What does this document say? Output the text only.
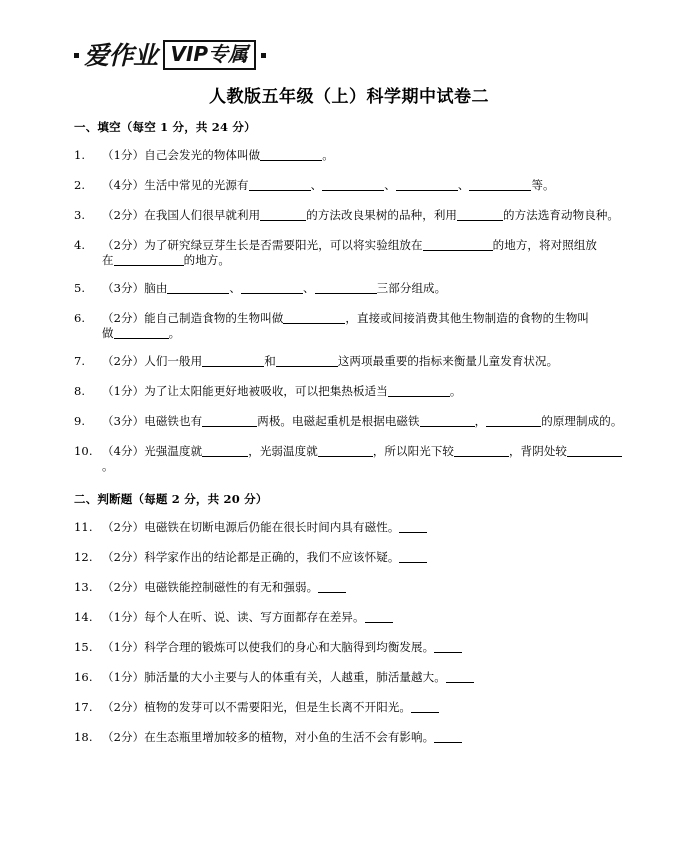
爱作业 VIP专属
人教版五年级（上）科学期中试卷二
一、填空（每空 1 分，共 24 分）
1.	（1分）自己会发光的物体叫做	。
2.	（4分）生活中常见的光源有	、	、	、	等。
3.	（2分）在我国人们很早就利用	的方法改良果树的品种，利用	的方法选育动物良种。
4.	（2分）为了研究绿豆芽生长是否需要阳光，可以将实验组放在	的地方，将对照组放
在	的地方。
5.	（3分）脑由	、	、	三部分组成。
6.	（2分）能自己制造食物的生物叫做	，直接或间接消费其他生物制造的食物的生物叫
做	。
7.	（2分）人们一般用	和	这两项最重要的指标来衡量儿童发育状况。
8.	（1分）为了让太阳能更好地被吸收，可以把集热板适当	。
9.	（3分）电磁铁也有	两极。电磁起重机是根据电磁铁	，	的原理制成的。
10. （4分）光强温度就	，光弱温度就	，所以阳光下较	，背阴处较。
二、判断题（每题 2 分，共 20 分）
11. （2分）电磁铁在切断电源后仍能在很长时间内具有磁性。
12. （2分）科学家作出的结论都是正确的，我们不应该怀疑。
13. （2分）电磁铁能控制磁性的有无和强弱。
14. （1分）每个人在听、说、读、写方面都存在差异。
15. （1分）科学合理的锻炼可以使我们的身心和大脑得到均衡发展。
16. （1分）肺活量的大小主要与人的体重有关，人越重，肺活量越大。
17. （2分）植物的发芽可以不需要阳光，但是生长离不开阳光。
18. （2分）在生态瓶里增加较多的植物，对小鱼的生活不会有影响。
